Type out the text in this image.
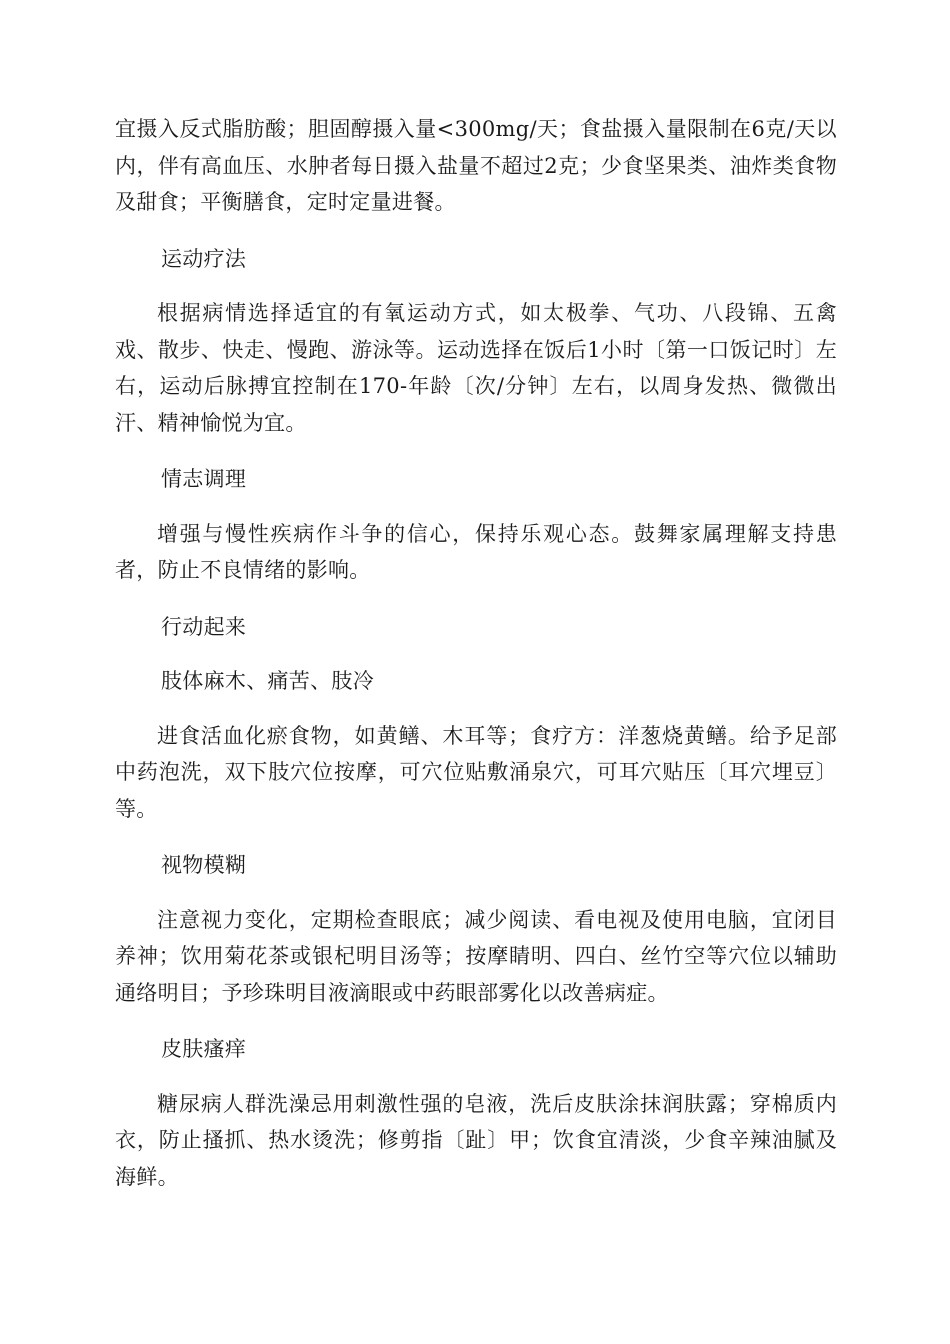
宜摄入反式脂肪酸；胆固醇摄入量<300mg/天；食盐摄入量限制在6克/天以内，伴有高血压、水肿者每日摄入盐量不超过2克；少食坚果类、油炸类食物及甜食；平衡膳食，定时定量进餐。

运动疗法

根据病情选择适宜的有氧运动方式，如太极拳、气功、八段锦、五禽戏、散步、快走、慢跑、游泳等。运动选择在饭后1小时〔第一口饭记时〕左右，运动后脉搏宜控制在170-年龄〔次/分钟〕左右，以周身发热、微微出汗、精神愉悦为宜。

情志调理

增强与慢性疾病作斗争的信心，保持乐观心态。鼓舞家属理解支持患者，防止不良情绪的影响。

行动起来

肢体麻木、痛苦、肢冷

进食活血化瘀食物，如黄鳝、木耳等；食疗方：洋葱烧黄鳝。给予足部中药泡洗，双下肢穴位按摩，可穴位贴敷涌泉穴，可耳穴贴压〔耳穴埋豆〕等。

视物模糊

注意视力变化，定期检查眼底；减少阅读、看电视及使用电脑，宜闭目养神；饮用菊花茶或银杞明目汤等；按摩睛明、四白、丝竹空等穴位以辅助通络明目；予珍珠明目液滴眼或中药眼部雾化以改善病症。

皮肤瘙痒

糖尿病人群洗澡忌用刺激性强的皂液，洗后皮肤涂抹润肤露；穿棉质内衣，防止搔抓、热水烫洗；修剪指〔趾〕甲；饮食宜清淡，少食辛辣油腻及海鲜。
